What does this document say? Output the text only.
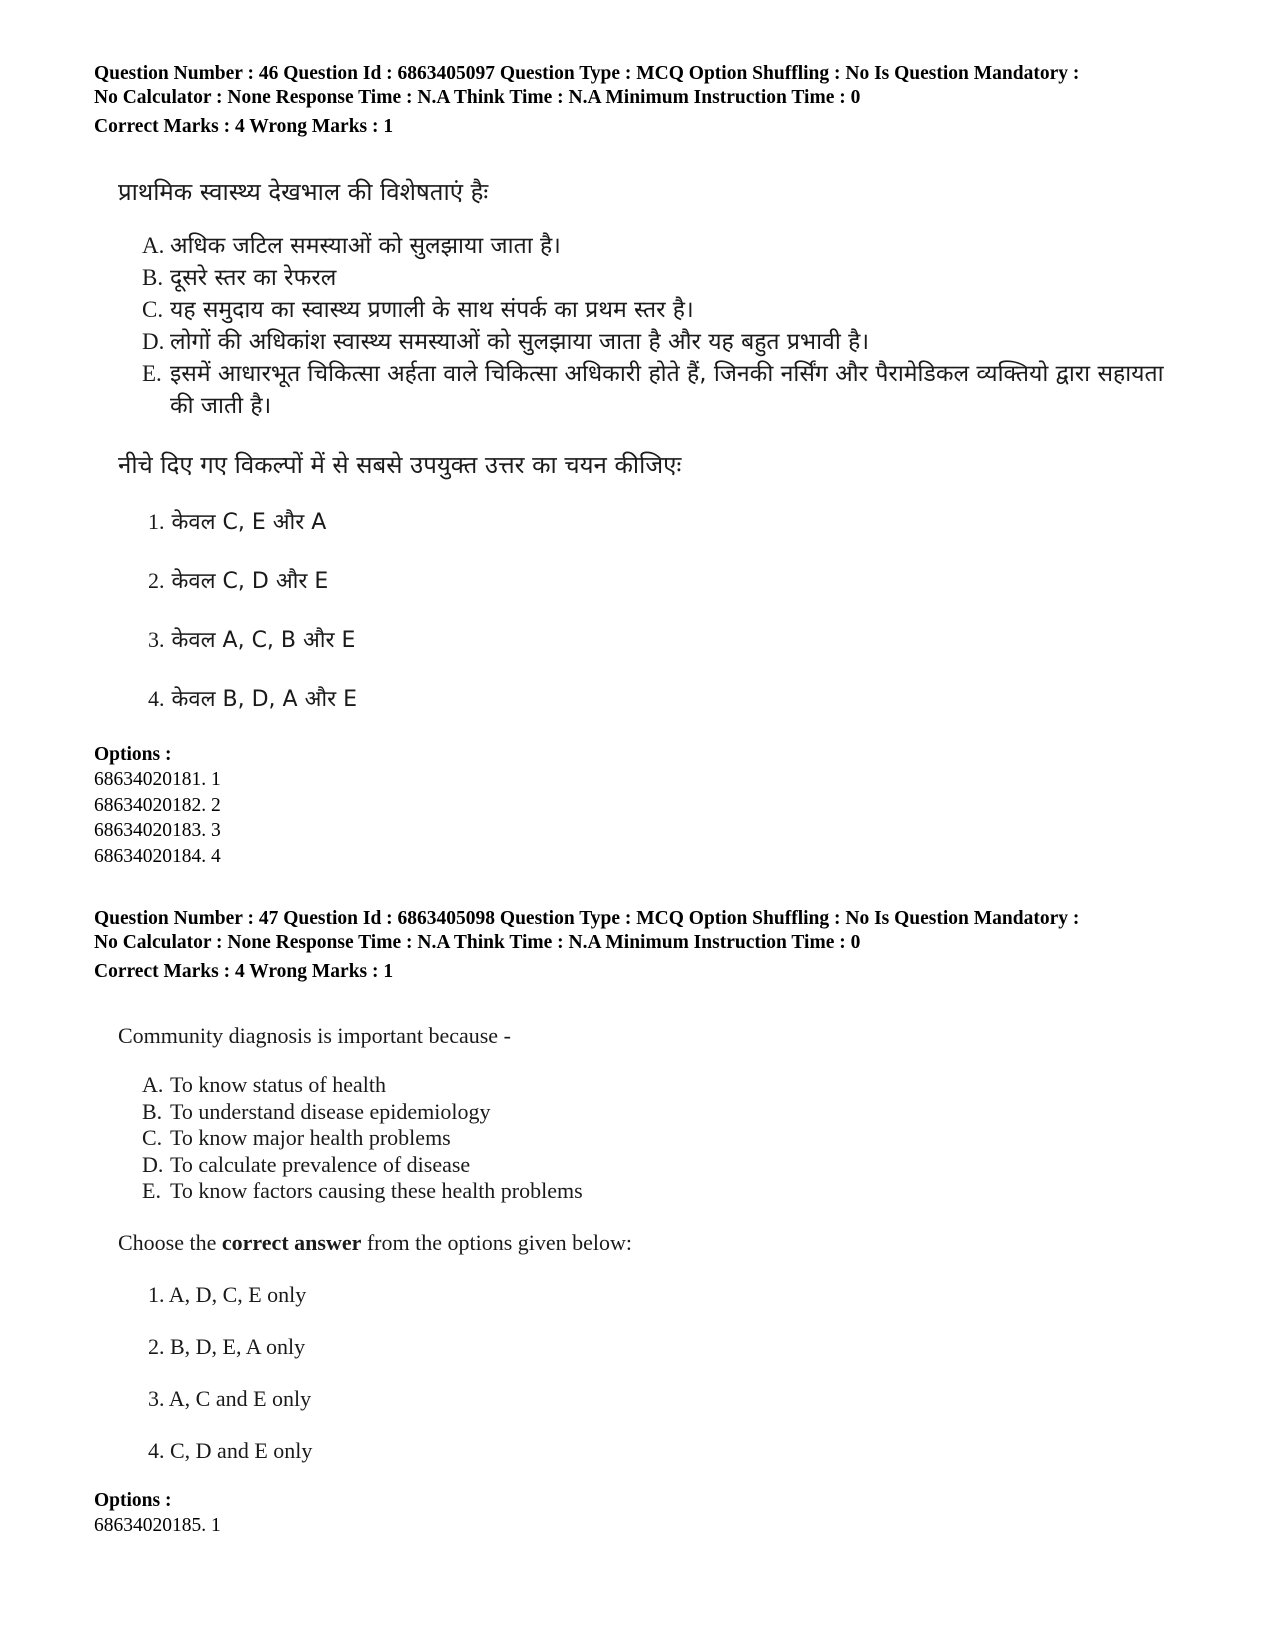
Question Number : 46 Question Id : 6863405097 Question Type : MCQ Option Shuffling : No Is Question Mandatory :
No Calculator : None Response Time : N.A Think Time : N.A Minimum Instruction Time : 0
Correct Marks : 4 Wrong Marks : 1
प्राथमिक स्वास्थ्य देखभाल की विशेषताएं हैः
A. अधिक जटिल समस्याओं को सुलझाया जाता है।
B. दूसरे स्तर का रेफरल
C. यह समुदाय का स्वास्थ्य प्रणाली के साथ संपर्क का प्रथम स्तर है।
D. लोगों की अधिकांश स्वास्थ्य समस्याओं को सुलझाया जाता है और यह बहुत प्रभावी है।
E. इसमें आधारभूत चिकित्सा अर्हता वाले चिकित्सा अधिकारी होते हैं, जिनकी नर्सिंग और पैरामेडिकल व्यक्तियो द्वारा सहायता की जाती है।
नीचे दिए गए विकल्पों में से सबसे उपयुक्त उत्तर का चयन कीजिएः
1. केवल C, E और A
2. केवल C, D और E
3. केवल A, C, B और E
4. केवल B, D, A और E
Options :
68634020181. 1
68634020182. 2
68634020183. 3
68634020184. 4
Question Number : 47 Question Id : 6863405098 Question Type : MCQ Option Shuffling : No Is Question Mandatory :
No Calculator : None Response Time : N.A Think Time : N.A Minimum Instruction Time : 0
Correct Marks : 4 Wrong Marks : 1
Community diagnosis is important because -
A. To know status of health
B. To understand disease epidemiology
C. To know major health problems
D. To calculate prevalence of disease
E. To know factors causing these health problems
Choose the correct answer from the options given below:
1. A, D, C, E only
2. B, D, E, A only
3. A, C and E only
4. C, D and E only
Options :
68634020185. 1
